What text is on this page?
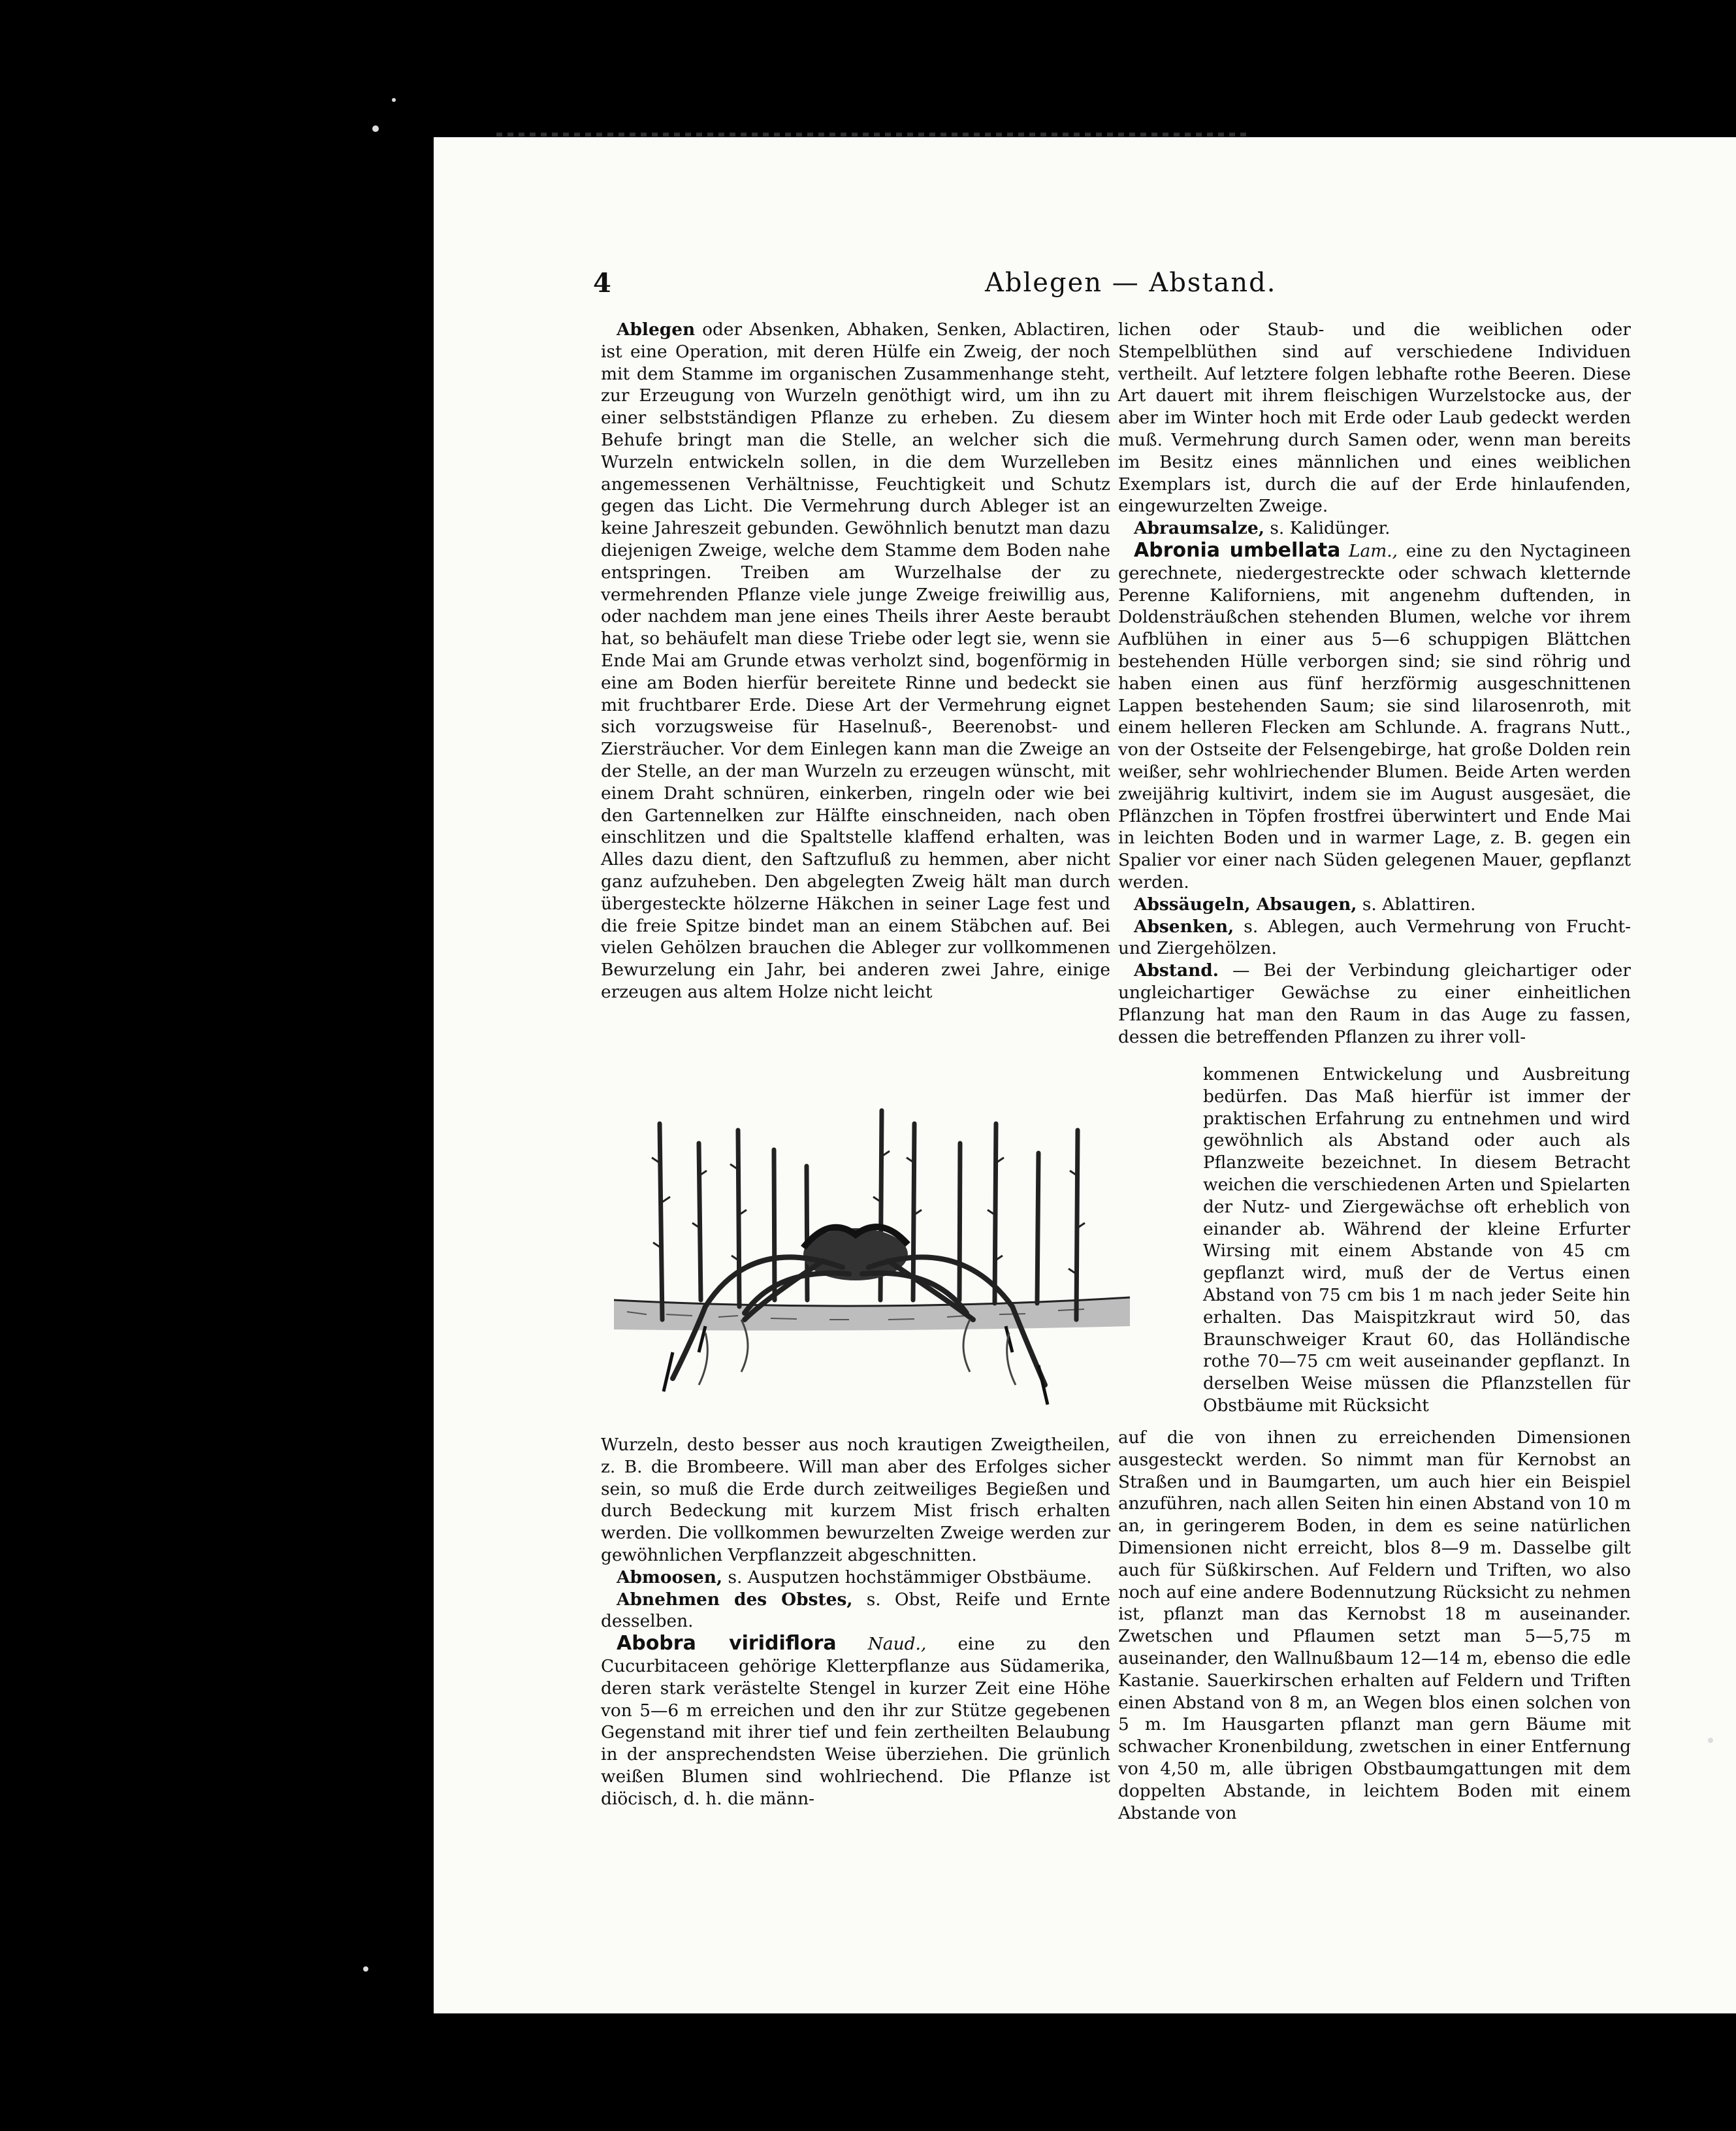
4	Ablegen — Abstand.

Ablegen oder Absenken, Abhaken, Senken, Ablactiren, ist eine Operation, mit deren Hülfe ein Zweig, der noch mit dem Stamme im organischen Zusammenhange steht, zur Erzeugung von Wurzeln genöthigt wird, um ihn zu einer selbstständigen Pflanze zu erheben. Zu diesem Behufe bringt man die Stelle, an welcher sich die Wurzeln entwickeln sollen, in die dem Wurzelleben angemessenen Verhältnisse, Feuchtigkeit und Schutz gegen das Licht. Die Vermehrung durch Ableger ist an keine Jahreszeit gebunden. Gewöhnlich benutzt man dazu diejenigen Zweige, welche dem Stamme dem Boden nahe entspringen. Treiben am Wurzelhalse der zu vermehrenden Pflanze viele junge Zweige freiwillig aus, oder nachdem man jene eines Theils ihrer Aeste beraubt hat, so behäufelt man diese Triebe oder legt sie, wenn sie Ende Mai am Grunde etwas verholzt sind, bogenförmig in eine am Boden hierfür bereitete Rinne und bedeckt sie mit fruchtbarer Erde. Diese Art der Vermehrung eignet sich vorzugsweise für Haselnuß-, Beerenobst- und Ziersträucher. Vor dem Einlegen kann man die Zweige an der Stelle, an der man Wurzeln zu erzeugen wünscht, mit einem Draht schnüren, einkerben, ringeln oder wie bei den Gartennelken zur Hälfte einschneiden, nach oben einschlitzen und die Spaltstelle klaffend erhalten, was Alles dazu dient, den Saftzufluß zu hemmen, aber nicht ganz aufzuheben. Den abgelegten Zweig hält man durch übergesteckte hölzerne Häkchen in seiner Lage fest und die freie Spitze bindet man an einem Stäbchen auf. Bei vielen Gehölzen brauchen die Ableger zur vollkommenen Bewurzelung ein Jahr, bei anderen zwei Jahre, einige erzeugen aus altem Holze nicht leicht

Wurzeln, desto besser aus noch krautigen Zweigtheilen, z. B. die Brombeere. Will man aber des Erfolges sicher sein, so muß die Erde durch zeitweiliges Begießen und durch Bedeckung mit kurzem Mist frisch erhalten werden. Die vollkommen bewurzelten Zweige werden zur gewöhnlichen Verpflanzzeit abgeschnitten.

Abmoosen, s. Ausputzen hochstämmiger Obstbäume.

Abnehmen des Obstes, s. Obst, Reife und Ernte desselben.

Abobra viridiflora Naud., eine zu den Cucurbitaceen gehörige Kletterpflanze aus Südamerika, deren stark verästelte Stengel in kurzer Zeit eine Höhe von 5—6 m erreichen und den ihr zur Stütze gegebenen Gegenstand mit ihrer tief und fein zertheilten Belaubung in der ansprechendsten Weise überziehen. Die grünlich weißen Blumen sind wohlriechend. Die Pflanze ist diöcisch, d. h. die männ-

lichen oder Staub- und die weiblichen oder Stempelblüthen sind auf verschiedene Individuen vertheilt. Auf letztere folgen lebhafte rothe Beeren. Diese Art dauert mit ihrem fleischigen Wurzelstocke aus, der aber im Winter hoch mit Erde oder Laub gedeckt werden muß. Vermehrung durch Samen oder, wenn man bereits im Besitz eines männlichen und eines weiblichen Exemplars ist, durch die auf der Erde hinlaufenden, eingewurzelten Zweige.

Abraumsalze, s. Kalidünger.

Abronia umbellata Lam., eine zu den Nyctagineen gerechnete, niedergestreckte oder schwach kletternde Perenne Kaliforniens, mit angenehm duftenden, in Doldensträußchen stehenden Blumen, welche vor ihrem Aufblühen in einer aus 5—6 schuppigen Blättchen bestehenden Hülle verborgen sind; sie sind röhrig und haben einen aus fünf herzförmig ausgeschnittenen Lappen bestehenden Saum; sie sind lilarosenroth, mit einem helleren Flecken am Schlunde. A. fragrans Nutt., von der Ostseite der Felsengebirge, hat große Dolden rein weißer, sehr wohlriechender Blumen. Beide Arten werden zweijährig kultivirt, indem sie im August ausgesäet, die Pflänzchen in Töpfen frostfrei überwintert und Ende Mai in leichten Boden und in warmer Lage, z. B. gegen ein Spalier vor einer nach Süden gelegenen Mauer, gepflanzt werden.

Abssäugeln, Absaugen, s. Ablattiren.

Absenken, s. Ablegen, auch Vermehrung von Frucht- und Ziergehölzen.

Abstand. — Bei der Verbindung gleichartiger oder ungleichartiger Gewächse zu einer einheitlichen Pflanzung hat man den Raum in das Auge zu fassen, dessen die betreffenden Pflanzen zu ihrer voll-

kommenen Entwickelung und Ausbreitung bedürfen. Das Maß hierfür ist immer der praktischen Erfahrung zu entnehmen und wird gewöhnlich als Abstand oder auch als Pflanzweite bezeichnet. In diesem Betracht weichen die verschiedenen Arten und Spielarten der Nutz- und Ziergewächse oft erheblich von einander ab. Während der kleine Erfurter Wirsing mit einem Abstande von 45 cm gepflanzt wird, muß der de Vertus einen Abstand von 75 cm bis 1 m nach jeder Seite hin erhalten. Das Maispitzkraut wird 50, das Braunschweiger Kraut 60, das Holländische rothe 70—75 cm weit auseinander gepflanzt. In derselben Weise müssen die Pflanzstellen für Obstbäume mit Rücksicht

auf die von ihnen zu erreichenden Dimensionen ausgesteckt werden. So nimmt man für Kernobst an Straßen und in Baumgarten, um auch hier ein Beispiel anzuführen, nach allen Seiten hin einen Abstand von 10 m an, in geringerem Boden, in dem es seine natürlichen Dimensionen nicht erreicht, blos 8—9 m. Dasselbe gilt auch für Süßkirschen. Auf Feldern und Triften, wo also noch auf eine andere Bodennutzung Rücksicht zu nehmen ist, pflanzt man das Kernobst 18 m auseinander. Zwetschen und Pflaumen setzt man 5—5,75 m auseinander, den Wallnußbaum 12—14 m, ebenso die edle Kastanie. Sauerkirschen erhalten auf Feldern und Triften einen Abstand von 8 m, an Wegen blos einen solchen von 5 m. Im Hausgarten pflanzt man gern Bäume mit schwacher Kronenbildung, zwetschen in einer Entfernung von 4,50 m, alle übrigen Obstbaumgattungen mit dem doppelten Abstande, in leichtem Boden mit einem Abstande von
